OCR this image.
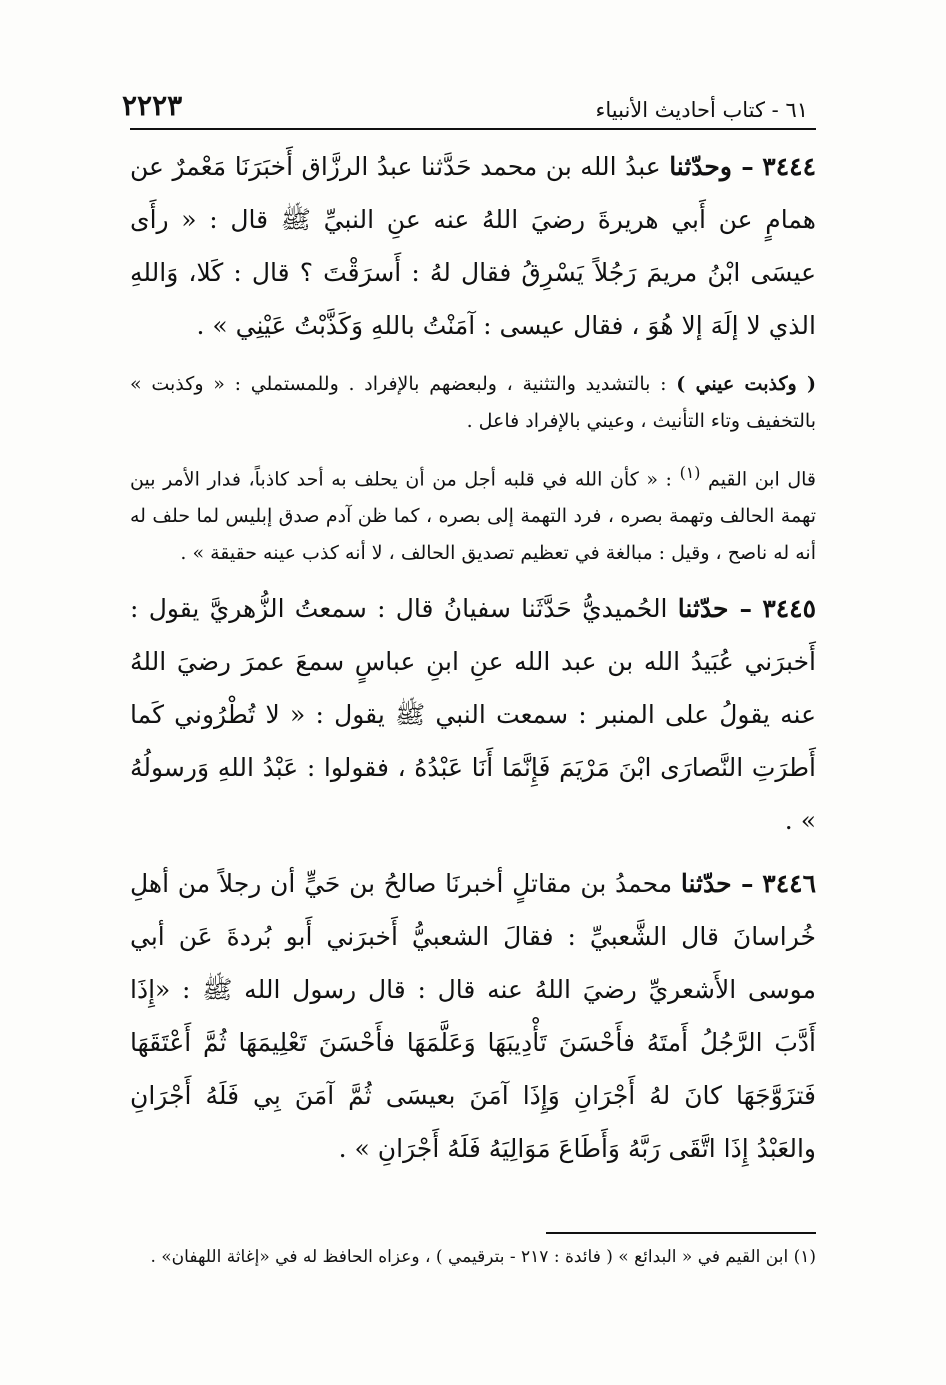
٢٢٢٣	٦١ - كتاب أحاديث الأنبياء

٣٤٤٤ – وحدّثنا عبدُ الله بن محمد حَدَّثنا عبدُ الرزَّاق أَخبَرَنَا مَعْمرٌ عن همامٍ عن أَبي هريرةَ رضيَ اللهُ عنه عنِ النبيِّ ﷺ قال : « رأَى عيسَى ابْنُ مريمَ رَجُلاً يَسْرِقُ فقال لهُ : أَسرَقْتَ ؟ قال : كَلا، وَاللهِ الذي لا إلَهَ إلا هُوَ ، فقال عيسى : آمَنْتُ باللهِ وَكَذَّبْتُ عَيْنِي » .

( وكذبت عيني ) : بالتشديد والتثنية ، ولبعضهم بالإفراد . وللمستملي : « وكذبت » بالتخفيف وتاء التأنيث ، وعيني بالإفراد فاعل .

قال ابن القيم $^{(١)}$ : « كأن الله في قلبه أجل من أن يحلف به أحد كاذباً، فدار الأمر بين تهمة الحالف وتهمة بصره ، فرد التهمة إلى بصره ، كما ظن آدم صدق إبليس لما حلف له أنه له ناصح ، وقيل : مبالغة في تعظيم تصديق الحالف ، لا أنه كذب عينه حقيقة » .

٣٤٤٥ – حدّثنا الحُميديُّ حَدَّثَنا سفيانُ قال : سمعتُ الزُّهريَّ يقول : أَخبرَني عُبَيدُ الله بن عبد الله عنِ ابنِ عباسٍ سمعَ عمرَ رضيَ اللهُ عنه يقولُ على المنبر : سمعت النبي ﷺ يقول : « لا تُطْرُوني كَما أَطرَتِ النَّصارَى ابْنَ مَرْيَمَ فَإِنَّمَا أَنَا عَبْدُهُ ، فقولوا : عَبْدُ اللهِ وَرسولُهُ » .

٣٤٤٦ – حدّثنا محمدُ بن مقاتلٍ أخبرنَا صالحُ بن حَيٍّ أن رجلاً من أهلِ خُراسانَ قال الشَّعبيِّ : فقالَ الشعبيُّ أَخبرَني أَبو بُردةَ عَن أبي موسى الأَشعريِّ رضيَ اللهُ عنه قال : قال رسول الله ﷺ : «إِذَا أَدَّبَ الرَّجُلُ أَمتَهُ فأَحْسَنَ تَأْدِيبَهَا وَعَلَّمَهَا فأَحْسَنَ تَعْلِيمَهَا ثُمَّ أَعْتَقَهَا فَتزَوَّجَهَا كانَ لهُ أَجْرَانِ وَإِذَا آمَنَ بعيسَى ثُمَّ آمَنَ بِي فَلَهُ أَجْرَانِ والعَبْدُ إِذَا اتَّقَى رَبَّهُ وَأَطَاعَ مَوَالِيَهُ فَلَهُ أَجْرَانِ » .

(١) ابن القيم في « البدائع » ( فائدة : ٢١٧ - بترقيمي ) ، وعزاه الحافظ له في «إغاثة اللهفان» .
